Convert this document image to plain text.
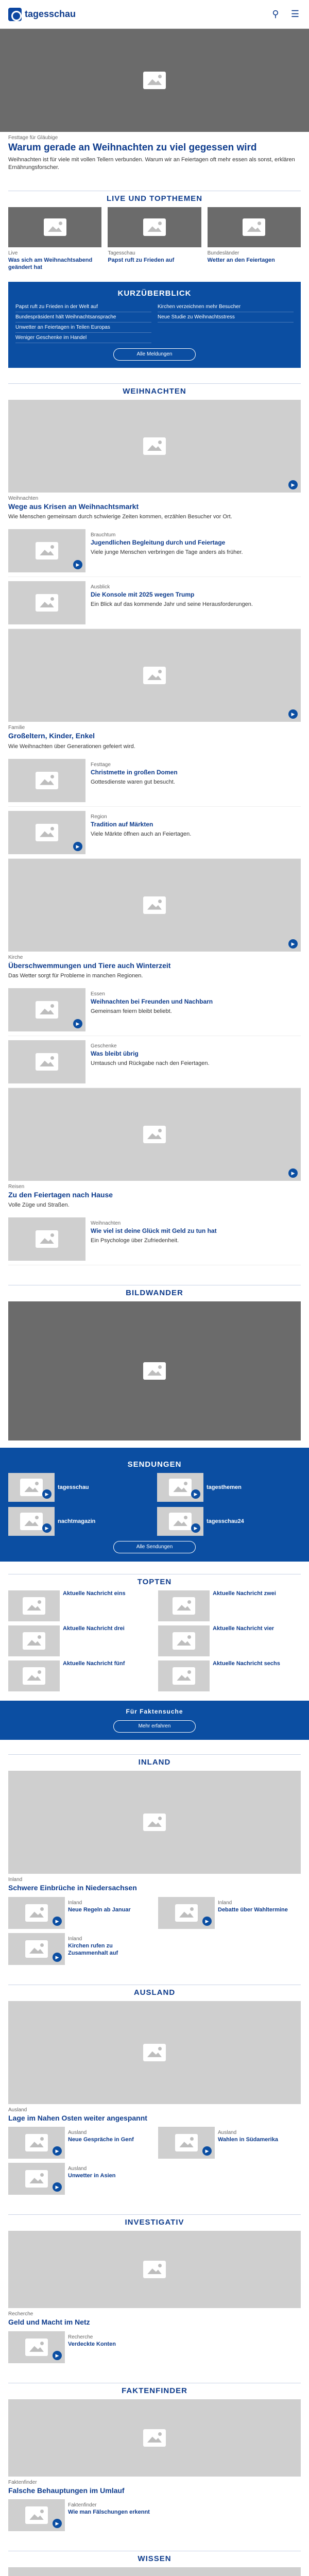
tagesschau	⚲ ☰
Festtage für Gläubige
Warum gerade an Weihnachten zu viel gegessen wird
Weihnachten ist für viele mit vollen Tellern verbunden. Warum wir an Feiertagen oft mehr essen als sonst, erklären Ernährungsforscher.
LIVE UND TOPTHEMEN
Live
Was sich am Weihnachtsabend geändert hat
Tagesschau
Papst ruft zu Frieden auf
Bundesländer
Wetter an den Feiertagen
KURZÜBERBLICK
Papst ruft zu Frieden in der Welt auf
Bundespräsident hält Weihnachtsansprache
Unwetter an Feiertagen in Teilen Europas
Weniger Geschenke im Handel
Kirchen verzeichnen mehr Besucher
Neue Studie zu Weihnachtsstress
Alle Meldungen
WEIHNACHTEN
▶
Weihnachten
Wege aus Krisen an Weihnachtsmarkt
Wie Menschen gemeinsam durch schwierige Zeiten kommen, erzählen Besucher vor Ort.
▶
Brauchtum
Jugendlichen Begleitung durch und Feiertage
Viele junge Menschen verbringen die Tage anders als früher.
Ausblick
Die Konsole mit 2025 wegen Trump
Ein Blick auf das kommende Jahr und seine Herausforderungen.
▶
Familie
Großeltern, Kinder, Enkel
Wie Weihnachten über Generationen gefeiert wird.
Festtage
Christmette in großen Domen
Gottesdienste waren gut besucht.
▶
Region
Tradition auf Märkten
Viele Märkte öffnen auch an Feiertagen.
▶
Kirche
Überschwemmungen und Tiere auch Winterzeit
Das Wetter sorgt für Probleme in manchen Regionen.
▶
Essen
Weihnachten bei Freunden und Nachbarn
Gemeinsam feiern bleibt beliebt.
Geschenke
Was bleibt übrig
Umtausch und Rückgabe nach den Feiertagen.
▶
Reisen
Zu den Feiertagen nach Hause
Volle Züge und Straßen.
Weihnachten
Wie viel ist deine Glück mit Geld zu tun hat
Ein Psychologe über Zufriedenheit.
BILDWANDER
SENDUNGEN
▶
tagesschau
▶
tagesthemen
▶
nachtmagazin
▶
tagesschau24
Alle Sendungen
TOPTEN
Aktuelle Nachricht eins	Aktuelle Nachricht zwei
Aktuelle Nachricht drei	Aktuelle Nachricht vier
Aktuelle Nachricht fünf	Aktuelle Nachricht sechs
Für Faktensuche
Mehr erfahren
INLAND
Inland
Schwere Einbrüche in Niedersachsen
▶
Inland
Neue Regeln ab Januar
▶
Inland
Debatte über Wahltermine
▶
Inland
Kirchen rufen zu Zusammenhalt auf
AUSLAND
Ausland
Lage im Nahen Osten weiter angespannt
▶
Ausland
Neue Gespräche in Genf
▶
Ausland
Wahlen in Südamerika
▶
Ausland
Unwetter in Asien
INVESTIGATIV
Recherche
Geld und Macht im Netz
▶
Recherche
Verdeckte Konten
FAKTENFINDER
Faktenfinder
Falsche Behauptungen im Umlauf
▶
Faktenfinder
Wie man Fälschungen erkennt
WISSEN
